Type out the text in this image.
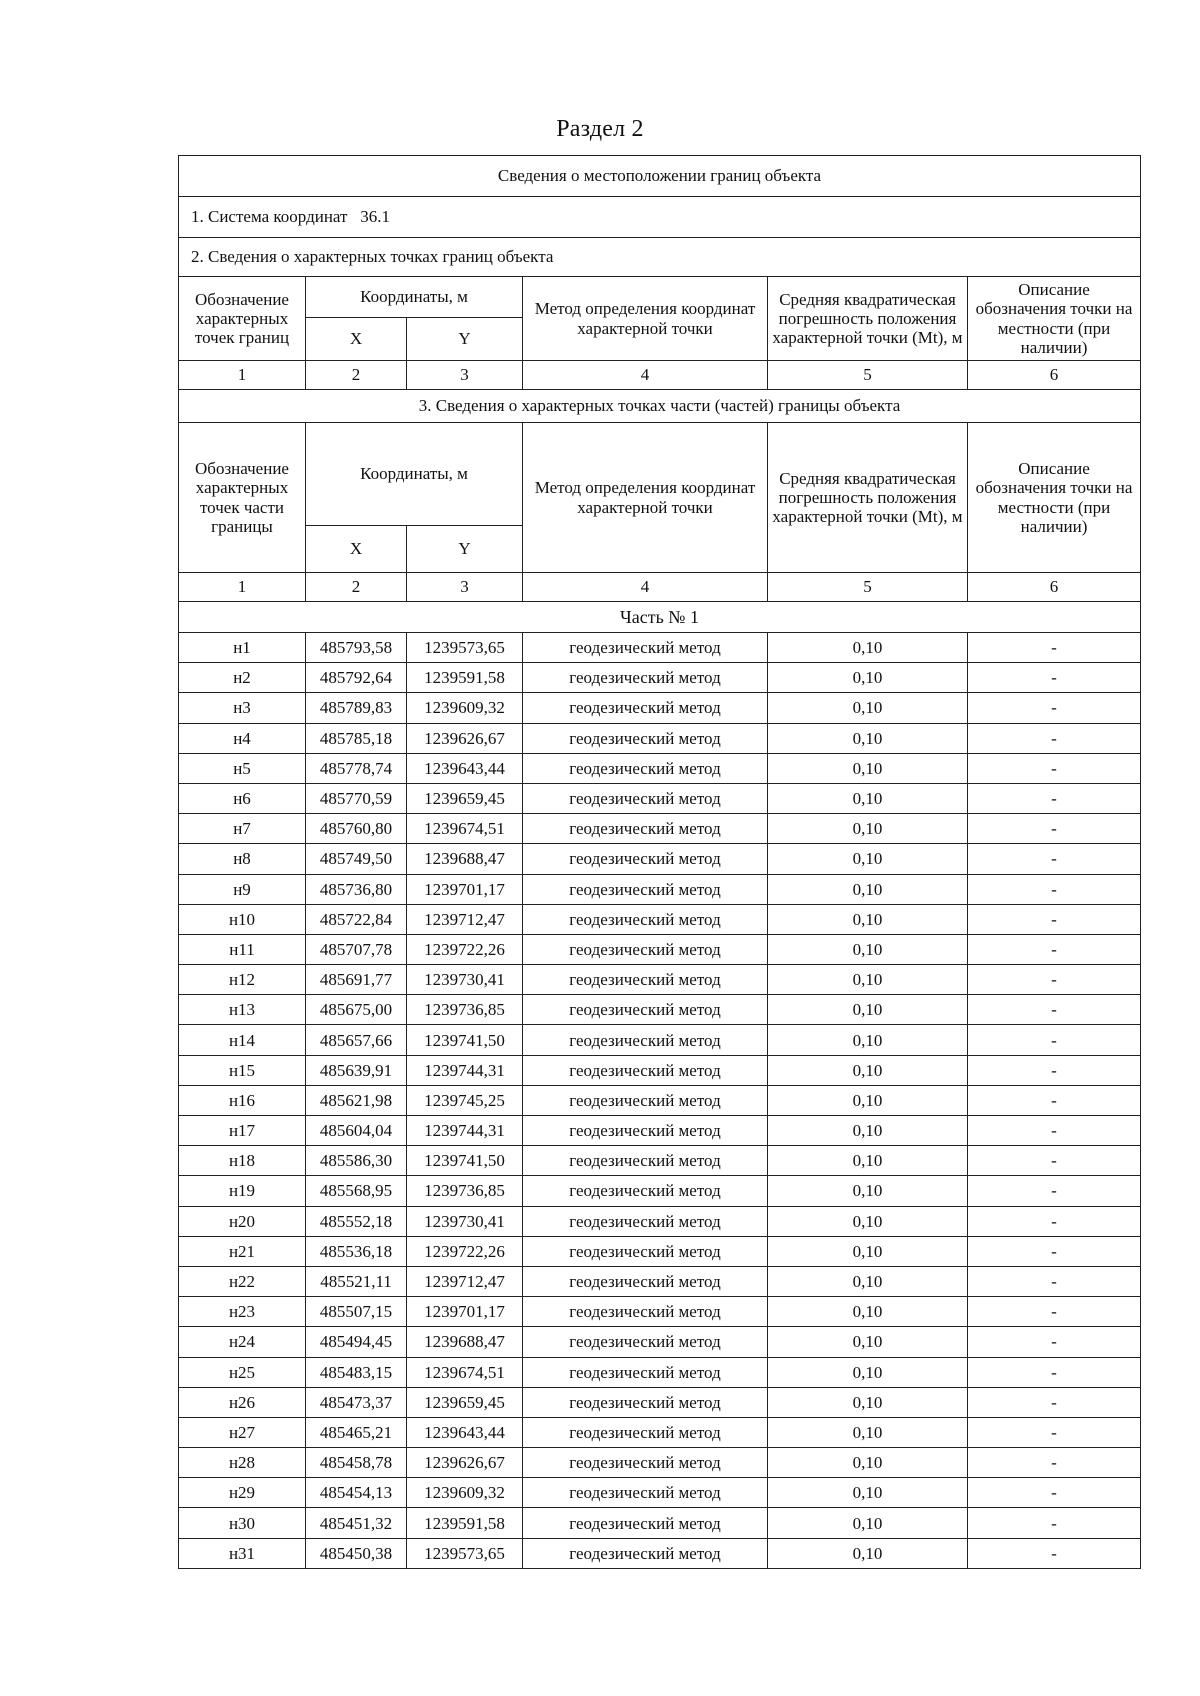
Раздел 2
Сведения о местоположении границ объекта					
1. Система координат 36.1					
2. Сведения о характерных точках границ объекта					
Обозначение характерных точек границ	Координаты, м		Метод определения координат характерной точки	Средняя квадратическая погрешность положения характерной точки (Mt), м	Описание обозначения точки на местности (при наличии)
	X	Y			
1	2	3	4	5	6
3. Сведения о характерных точках части (частей) границы объекта					
Обозначение характерных точек части границы	Координаты, м		Метод определения координат характерной точки	Средняя квадратическая погрешность положения характерной точки (Mt), м	Описание обозначения точки на местности (при наличии)
	X	Y			
1	2	3	4	5	6
Часть № 1					
н1	485793,58	1239573,65	геодезический метод	0,10	-
н2	485792,64	1239591,58	геодезический метод	0,10	-
н3	485789,83	1239609,32	геодезический метод	0,10	-
н4	485785,18	1239626,67	геодезический метод	0,10	-
н5	485778,74	1239643,44	геодезический метод	0,10	-
н6	485770,59	1239659,45	геодезический метод	0,10	-
н7	485760,80	1239674,51	геодезический метод	0,10	-
н8	485749,50	1239688,47	геодезический метод	0,10	-
н9	485736,80	1239701,17	геодезический метод	0,10	-
н10	485722,84	1239712,47	геодезический метод	0,10	-
н11	485707,78	1239722,26	геодезический метод	0,10	-
н12	485691,77	1239730,41	геодезический метод	0,10	-
н13	485675,00	1239736,85	геодезический метод	0,10	-
н14	485657,66	1239741,50	геодезический метод	0,10	-
н15	485639,91	1239744,31	геодезический метод	0,10	-
н16	485621,98	1239745,25	геодезический метод	0,10	-
н17	485604,04	1239744,31	геодезический метод	0,10	-
н18	485586,30	1239741,50	геодезический метод	0,10	-
н19	485568,95	1239736,85	геодезический метод	0,10	-
н20	485552,18	1239730,41	геодезический метод	0,10	-
н21	485536,18	1239722,26	геодезический метод	0,10	-
н22	485521,11	1239712,47	геодезический метод	0,10	-
н23	485507,15	1239701,17	геодезический метод	0,10	-
н24	485494,45	1239688,47	геодезический метод	0,10	-
н25	485483,15	1239674,51	геодезический метод	0,10	-
н26	485473,37	1239659,45	геодезический метод	0,10	-
н27	485465,21	1239643,44	геодезический метод	0,10	-
н28	485458,78	1239626,67	геодезический метод	0,10	-
н29	485454,13	1239609,32	геодезический метод	0,10	-
н30	485451,32	1239591,58	геодезический метод	0,10	-
н31	485450,38	1239573,65	геодезический метод	0,10	-
